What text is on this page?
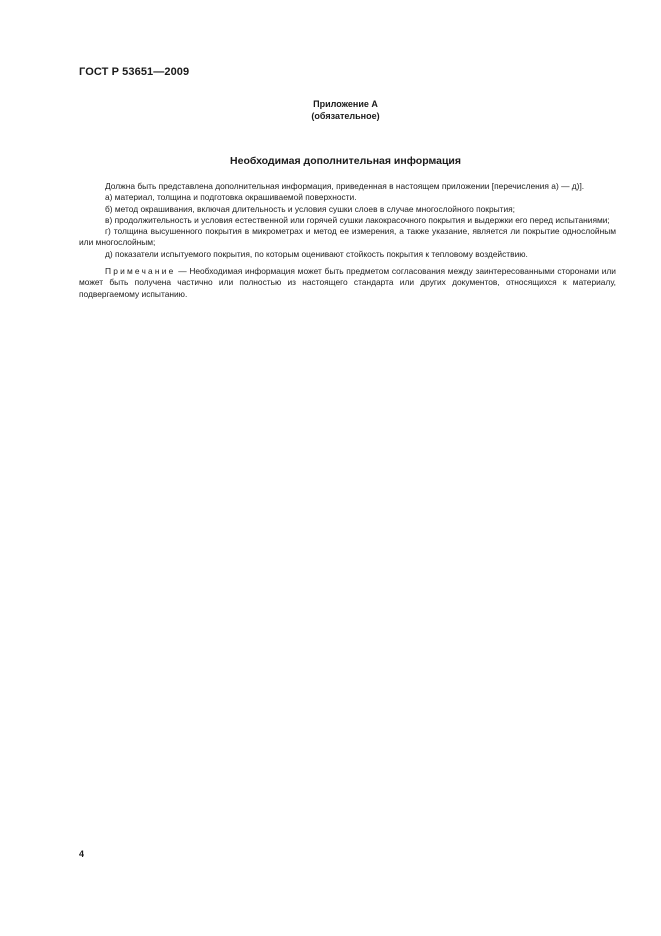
ГОСТ Р 53651—2009
Приложение А
(обязательное)
Необходимая дополнительная информация

Должна быть представлена дополнительная информация, приведенная в настоящем приложении [перечисления а) — д)].

а) материал, толщина и подготовка окрашиваемой поверхности.

б) метод окрашивания, включая длительность и условия сушки слоев в случае многослойного покрытия;

в) продолжительность и условия естественной или горячей сушки лакокрасочного покрытия и выдержки его перед испытаниями;

г) толщина высушенного покрытия в микрометрах и метод ее измерения, а также указание, является ли покрытие однослойным или многослойным;

д) показатели испытуемого покрытия, по которым оценивают стойкость покрытия к тепловому воздействию.

Примечание — Необходимая информация может быть предметом согласования между заинтересованными сторонами или может быть получена частично или полностью из настоящего стандарта или других документов, относящихся к материалу, подвергаемому испытанию.

4
